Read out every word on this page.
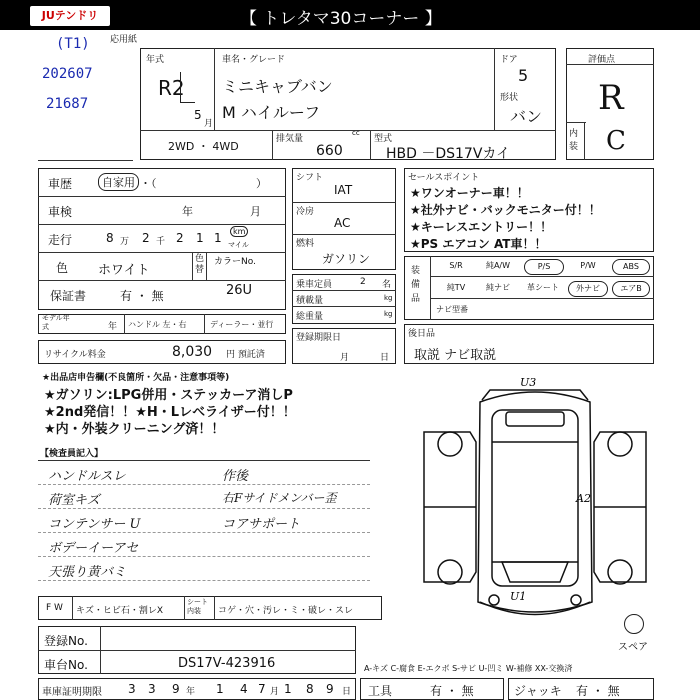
JUテンドリ	【 トレタマ30コーナー 】
応用紙
(T1)
202607
21687
年式
R2
5
月
車名・グレード
ミニキャブバン
M ハイルーフ
ドア
5
形状
バン
2WD ・ 4WD
排気量
cc
660
型式
HBD －DS17Vカイ
評価点
R
内装 C
車歴	自家用 ・（	）
車検	年	月
走行	8 万 2 千 2 1 1	km
マイル
色 ホワイト
色替
カラーNo.
26U
保証書	有 ・ 無
モデル年式	年 ハンドル 左・右	ディーラー・並行
リサイクル料金	8,030 円 預託済
シフト
IAT
冷房
AC
燃料
ガソリン
乗車定員	2 名
積載量	kg
総重量	kg
登録期限日
月	日
セールスポイント
★ワンオーナー車！！
★社外ナビ・バックモニター付！！
★キーレスエントリー！！
★PS エアコン AT車！！
装備品
S/R	純A/W	P/S	P/W	ABS
純TV	純ナビ	革シート	外ナビ	エアB
ナビ型番
後日品
取説 ナビ取説
★出品店申告欄(不良箇所・欠品・注意事項等)
★ガソリン:LPG併用・ステッカーア消しP
★2nd発信！！★H・Lレベライザー付！！
★内・外装クリーニング済！！
【検査員記入】
ハンドルスレ
荷室キズ
コンテンサー U
ボデーイーアセ
天張り黄バミ
作後
右Fサイドメンバー歪
コアサポート
U3
A2
U1
スペア
F W キズ・ヒビ石・割レX
シート内装	コゲ・穴・汚レ・ミ・破レ・スレ
登録No.
車台No.	DS17V-423916	A-キズ C-腐食 E-エクボ S-サビ U-凹ミ W-補修 XX-交換済
車庫証明期限 3 3 9 年 1 4 7 月 1 8 9 日 工具	有 ・ 無	ジャッキ 有 ・ 無
